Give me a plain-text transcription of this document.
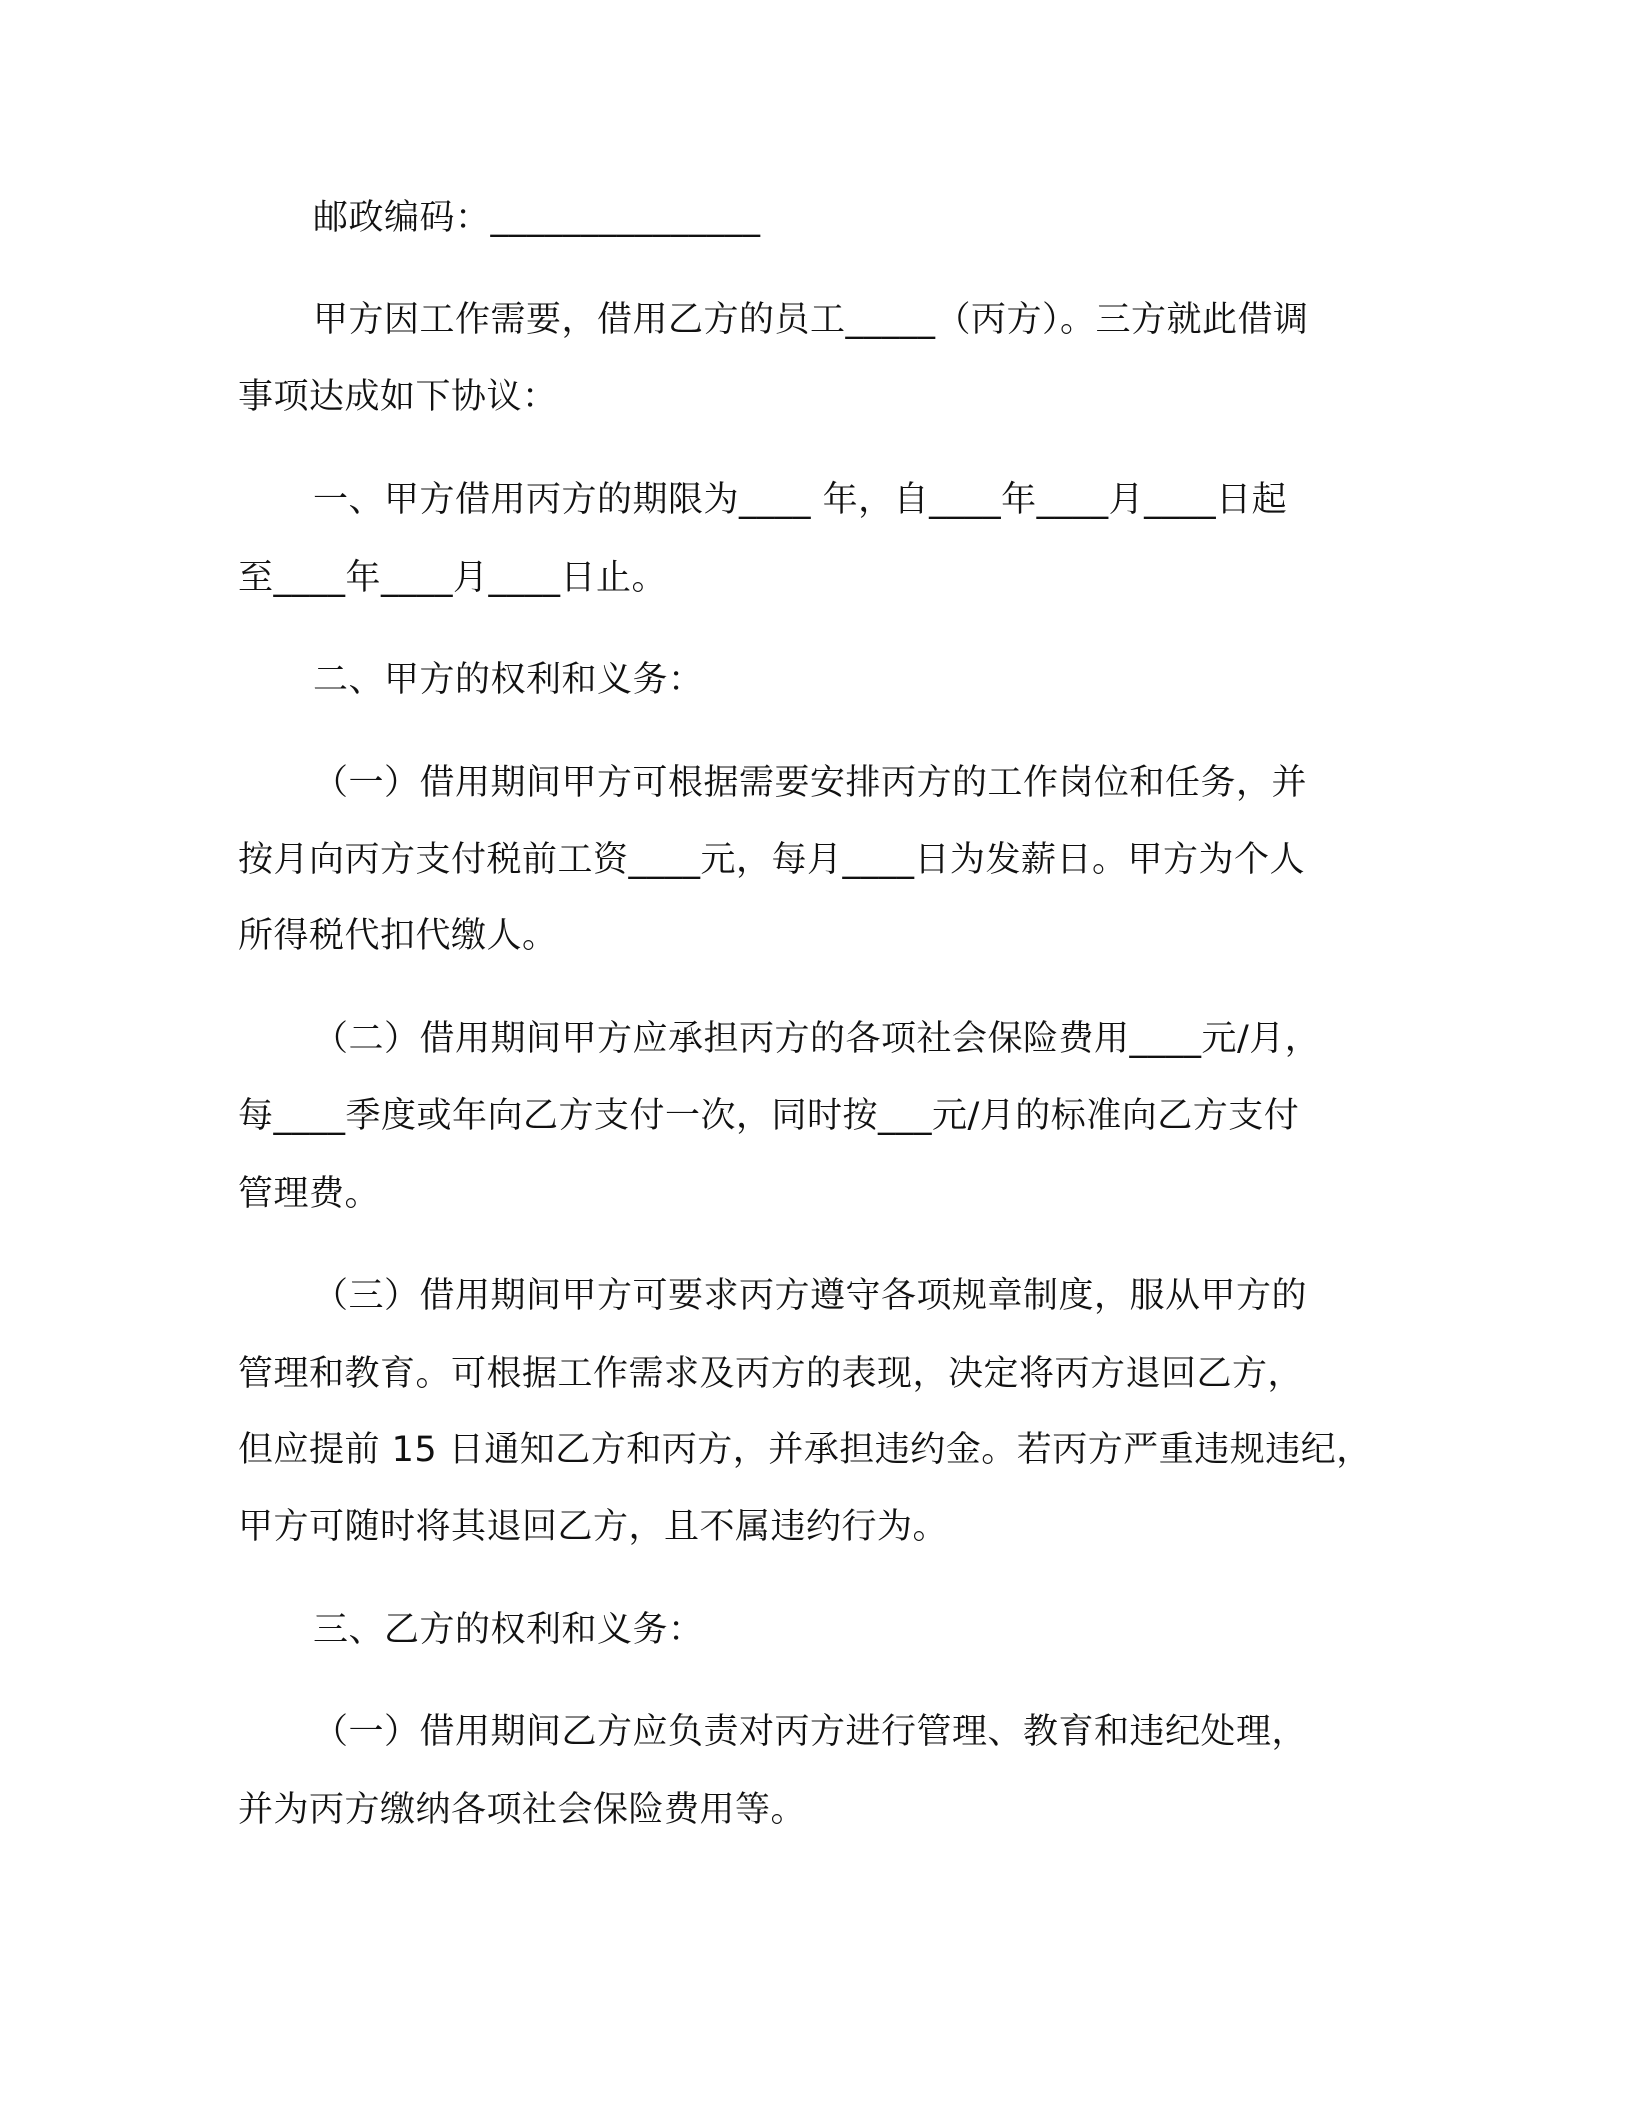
邮政编码：_______________
甲方因工作需要，借用乙方的员工_____（丙方）。三方就此借调
事项达成如下协议：
一、甲方借用丙方的期限为____ 年，自____年____月____日起
至____年____月____日止。
二、甲方的权利和义务：
（一）借用期间甲方可根据需要安排丙方的工作岗位和任务，并
按月向丙方支付税前工资____元，每月____日为发薪日。甲方为个人
所得税代扣代缴人。
（二）借用期间甲方应承担丙方的各项社会保险费用____元/月，
每____季度或年向乙方支付一次，同时按___元/月的标准向乙方支付
管理费。
（三）借用期间甲方可要求丙方遵守各项规章制度，服从甲方的
管理和教育。可根据工作需求及丙方的表现，决定将丙方退回乙方，
但应提前 15 日通知乙方和丙方，并承担违约金。若丙方严重违规违纪，
甲方可随时将其退回乙方，且不属违约行为。
三、乙方的权利和义务：
（一）借用期间乙方应负责对丙方进行管理、教育和违纪处理，
并为丙方缴纳各项社会保险费用等。
